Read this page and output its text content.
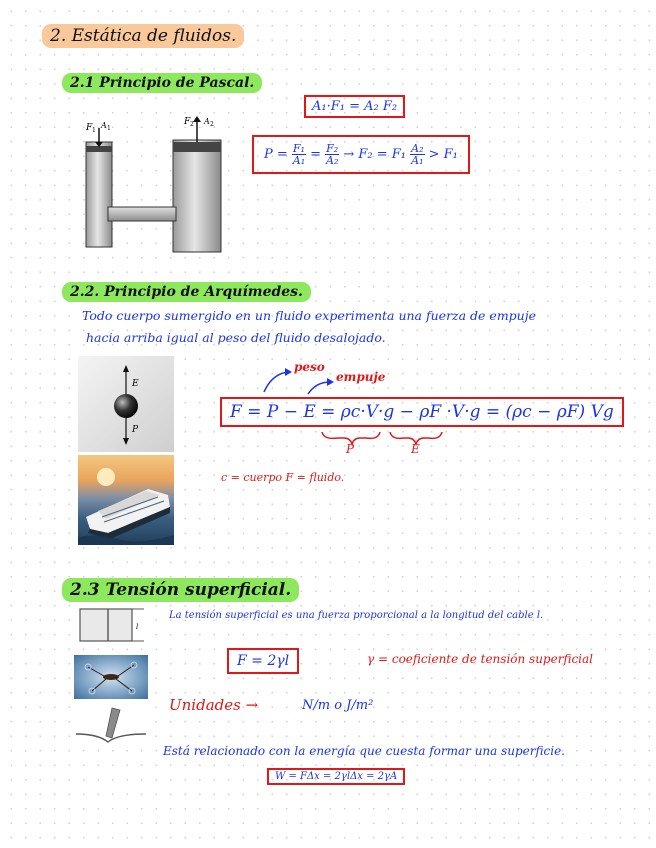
2. Estática de fluidos.
2.1 Principio de Pascal.
F 1
A 1
F 2 A 2
A₁·F₁ = A₂ F₂
$P = \frac{\text{F₁}}{\text{A₁}} = \frac{\text{F₂}}{\text{A₂}} \to F_2 = F_1 \frac{\text{A₂}}{\text{A₁}} > F_1$
2.2. Principio de Arquímedes.
Todo cuerpo sumergido en un fluido experimenta una fuerza de empuje
hacia arriba igual al peso del fluido desalojado.
E
P
peso
empuje
F = P − E = ρc·V·g − ρF ·V·g = (ρc − ρF) Vg
P	E
c = cuerpo F = fluido.
2.3 Tensión superficial.
l
La tensión superficial es una fuerza proporcional a la longitud del cable l.
F = 2γl	γ = coeficiente de tensión superficial
Unidades →	N/m o J/m²
Está relacionado con la energía que cuesta formar una superficie.
W = FΔx = 2γlΔx = 2γA
